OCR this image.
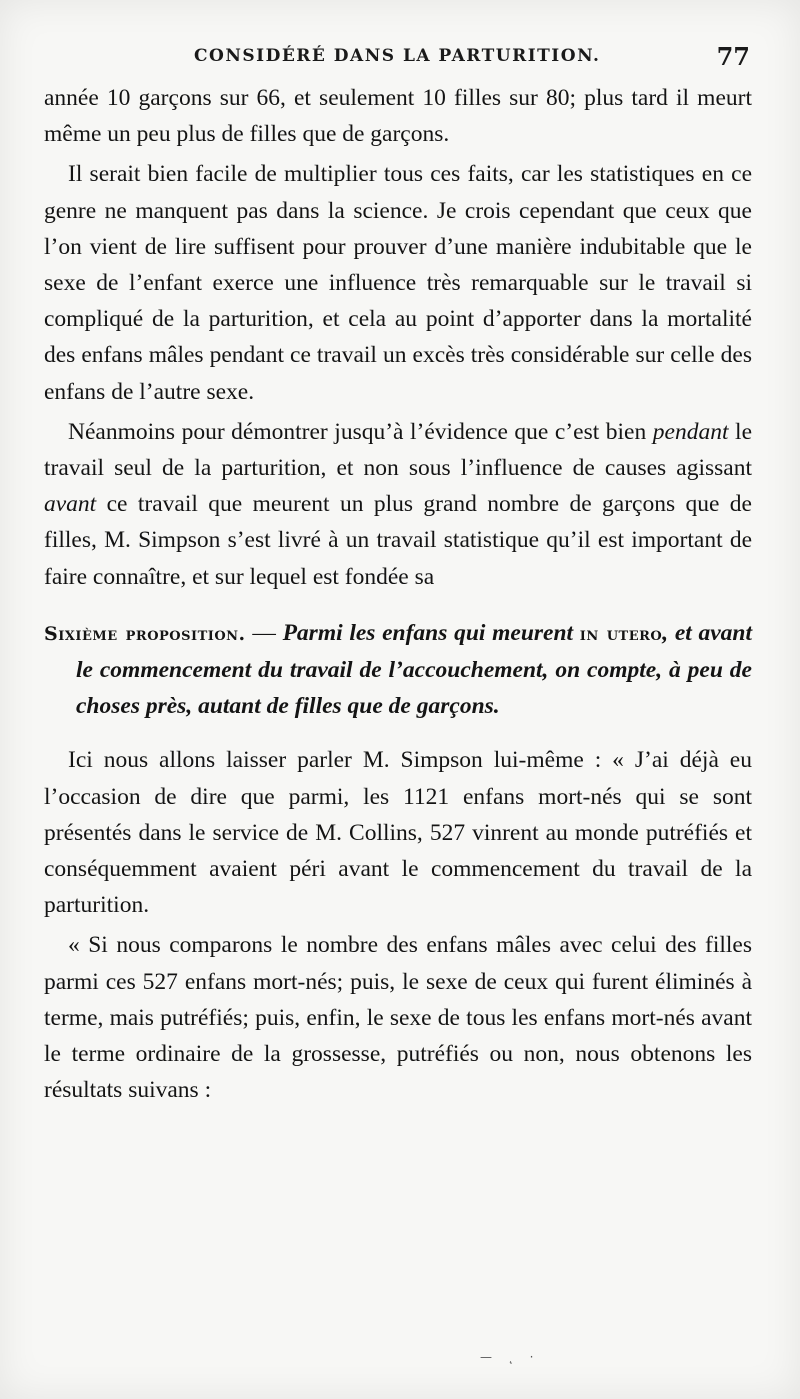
CONSIDÉRÉ DANS LA PARTURITION.	77

année 10 garçons sur 66, et seulement 10 filles sur 80; plus tard il meurt même un peu plus de filles que de garçons.

Il serait bien facile de multiplier tous ces faits, car les statistiques en ce genre ne manquent pas dans la science. Je crois cependant que ceux que l’on vient de lire suffisent pour prouver d’une manière indubitable que le sexe de l’enfant exerce une influence très remarquable sur le travail si compliqué de la parturition, et cela au point d’apporter dans la mortalité des enfans mâles pendant ce travail un excès très considérable sur celle des enfans de l’autre sexe.

Néanmoins pour démontrer jusqu’à l’évidence que c’est bien pendant le travail seul de la parturition, et non sous l’influence de causes agissant avant ce travail que meurent un plus grand nombre de garçons que de filles, M. Simpson s’est livré à un travail statistique qu’il est important de faire connaître, et sur lequel est fondée sa

Sixième proposition. — Parmi les enfans qui meurent in utero, et avant le commencement du travail de l’accouchement, on compte, à peu de choses près, autant de filles que de garçons.

Ici nous allons laisser parler M. Simpson lui-même : « J’ai déjà eu l’occasion de dire que parmi, les 1121 enfans mort-nés qui se sont présentés dans le service de M. Collins, 527 vinrent au monde putréfiés et conséquemment avaient péri avant le commencement du travail de la parturition.

« Si nous comparons le nombre des enfans mâles avec celui des filles parmi ces 527 enfans mort-nés; puis, le sexe de ceux qui furent éliminés à terme, mais putréfiés; puis, enfin, le sexe de tous les enfans mort-nés avant le terme ordinaire de la grossesse, putréfiés ou non, nous obtenons les résultats suivans :

— ˛ ·
